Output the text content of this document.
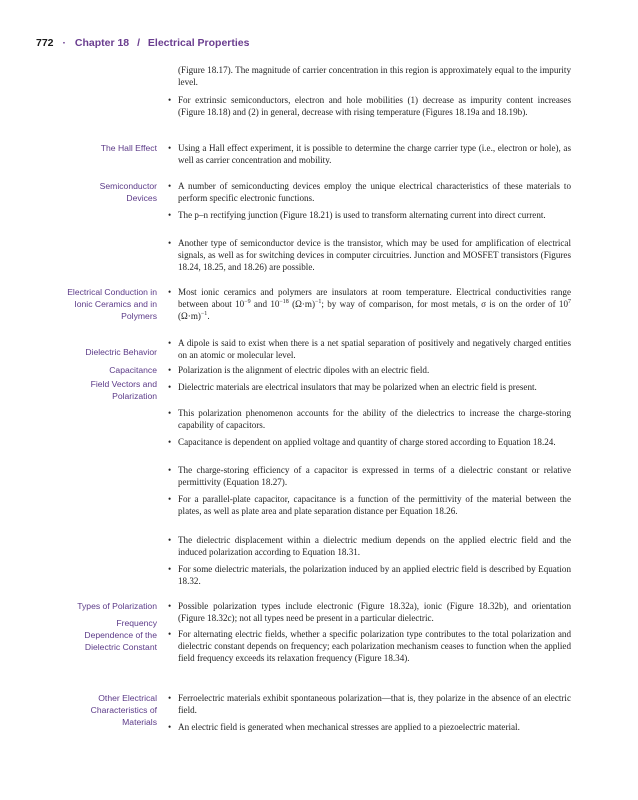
772 · Chapter 18 / Electrical Properties
The Hall Effect
Semiconductor Devices
Electrical Conduction in Ionic Ceramics and in Polymers
Dielectric Behavior
Capacitance
Field Vectors and Polarization
Types of Polarization
Frequency Dependence of the Dielectric Constant
Other Electrical Characteristics of Materials
(Figure 18.17). The magnitude of carrier concentration in this region is approximately equal to the impurity level.
• For extrinsic semiconductors, electron and hole mobilities (1) decrease as impurity content increases (Figure 18.18) and (2) in general, decrease with rising temperature (Figures 18.19a and 18.19b).
• Using a Hall effect experiment, it is possible to determine the charge carrier type (i.e., electron or hole), as well as carrier concentration and mobility.
• A number of semiconducting devices employ the unique electrical characteristics of these materials to perform specific electronic functions.
• The p–n rectifying junction (Figure 18.21) is used to transform alternating current into direct current.
• Another type of semiconductor device is the transistor, which may be used for amplification of electrical signals, as well as for switching devices in computer circuitries. Junction and MOSFET transistors (Figures 18.24, 18.25, and 18.26) are possible.
• Most ionic ceramics and polymers are insulators at room temperature. Electrical conductivities range between about $10^{-9}$ and $10^{-18}$ $(\Omega\cdot m)^{-1}$; by way of comparison, for most metals, σ is on the order of $10^7$ $(\Omega\cdot m)^{-1}$.
• A dipole is said to exist when there is a net spatial separation of positively and negatively charged entities on an atomic or molecular level.
• Polarization is the alignment of electric dipoles with an electric field.
• Dielectric materials are electrical insulators that may be polarized when an electric field is present.
• This polarization phenomenon accounts for the ability of the dielectrics to increase the charge-storing capability of capacitors.
• Capacitance is dependent on applied voltage and quantity of charge stored according to Equation 18.24.
• The charge-storing efficiency of a capacitor is expressed in terms of a dielectric constant or relative permittivity (Equation 18.27).
• For a parallel-plate capacitor, capacitance is a function of the permittivity of the material between the plates, as well as plate area and plate separation distance per Equation 18.26.
• The dielectric displacement within a dielectric medium depends on the applied electric field and the induced polarization according to Equation 18.31.
• For some dielectric materials, the polarization induced by an applied electric field is described by Equation 18.32.
• Possible polarization types include electronic (Figure 18.32a), ionic (Figure 18.32b), and orientation (Figure 18.32c); not all types need be present in a particular dielectric.
• For alternating electric fields, whether a specific polarization type contributes to the total polarization and dielectric constant depends on frequency; each polarization mechanism ceases to function when the applied field frequency exceeds its relaxation frequency (Figure 18.34).
• Ferroelectric materials exhibit spontaneous polarization—that is, they polarize in the absence of an electric field.
• An electric field is generated when mechanical stresses are applied to a piezoelectric material.
